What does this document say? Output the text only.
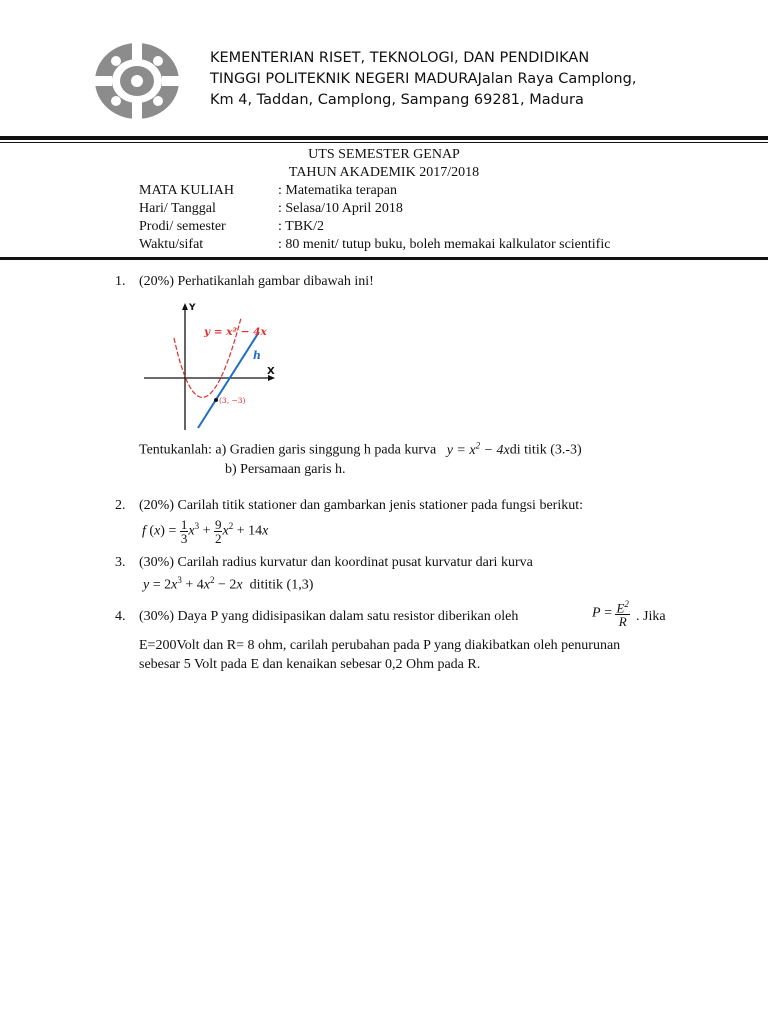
KEMENTERIAN RISET, TEKNOLOGI, DAN PENDIDIKAN
TINGGI POLITEKNIK NEGERI MADURAJalan Raya Camplong,
Km 4, Taddan, Camplong, Sampang 69281, Madura
UTS SEMESTER GENAP
TAHUN AKADEMIK 2017/2018
MATA KULIAH	: Matematika terapan
Hari/ Tanggal	: Selasa/10 April 2018
Prodi/ semester	: TBK/2
Waktu/sifat	: 80 menit/ tutup buku, boleh memakai kalkulator scientific
1. (20%) Perhatikanlah gambar dibawah ini!
Y
X
y = x² − 4x
h
(3, −3)
Tentukanlah: a) Gradien garis singgung h pada kurva   $y = x^2 - 4xdi$ titik (3.-3)
b) Persamaan garis h.
2. (20%) Carilah titik stationer dan gambarkan jenis stationer pada fungsi berikut:
f $(x) = \frac{1}{3} x^3 + \frac{9}{2} x^2 + 14x$
3. (30%) Carilah radius kurvatur dan koordinat pusat kurvatur dari kurva
$y = 2x^3 + 4x^2 - 2x$ dititik (1,3)
4. (30%) Daya P yang didisipasikan dalam satu resistor diberikan oleh	$P = \frac{E^2}{R}$ . Jika
E=200Volt dan R= 8 ohm, carilah perubahan pada P yang diakibatkan oleh penurunan
sebesar 5 Volt pada E dan kenaikan sebesar 0,2 Ohm pada R.
